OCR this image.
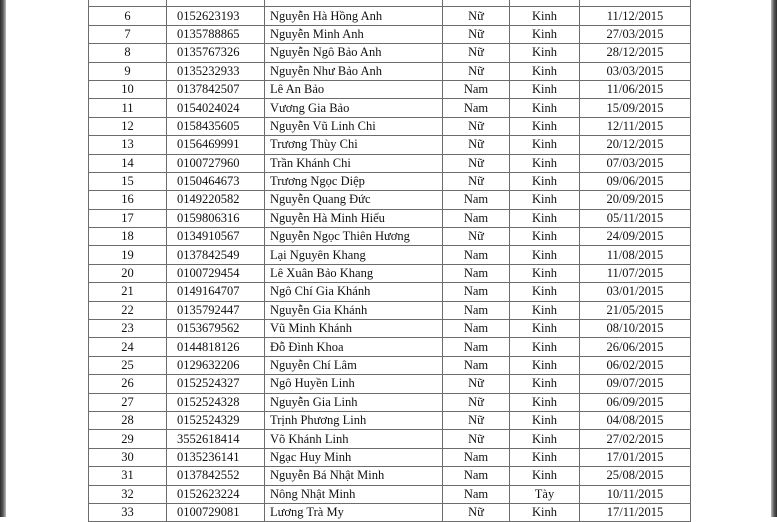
6	0152623193	Nguyễn Hà Hồng Anh	Nữ	Kinh	11/12/2015
7	0135788865	Nguyễn Minh Anh	Nữ	Kinh	27/03/2015
8	0135767326	Nguyễn Ngô Bảo Anh	Nữ	Kinh	28/12/2015
9	0135232933	Nguyễn Như Bảo Anh	Nữ	Kinh	03/03/2015
10	0137842507	Lê An Bảo	Nam	Kinh	11/06/2015
11	0154024024	Vương Gia Bảo	Nam	Kinh	15/09/2015
12	0158435605	Nguyễn Vũ Linh Chi	Nữ	Kinh	12/11/2015
13	0156469991	Trương Thùy Chi	Nữ	Kinh	20/12/2015
14	0100727960	Trần Khánh Chi	Nữ	Kinh	07/03/2015
15	0150464673	Trương Ngọc Diệp	Nữ	Kinh	09/06/2015
16	0149220582	Nguyễn Quang Đức	Nam	Kinh	20/09/2015
17	0159806316	Nguyễn Hà Minh Hiếu	Nam	Kinh	05/11/2015
18	0134910567	Nguyễn Ngọc Thiên Hương	Nữ	Kinh	24/09/2015
19	0137842549	Lại Nguyên Khang	Nam	Kinh	11/08/2015
20	0100729454	Lê Xuân Bảo Khang	Nam	Kinh	11/07/2015
21	0149164707	Ngô Chí Gia Khánh	Nam	Kinh	03/01/2015
22	0135792447	Nguyễn Gia Khánh	Nam	Kinh	21/05/2015
23	0153679562	Vũ Minh Khánh	Nam	Kinh	08/10/2015
24	0144818126	Đỗ Đình Khoa	Nam	Kinh	26/06/2015
25	0129632206	Nguyễn Chí Lâm	Nam	Kinh	06/02/2015
26	0152524327	Ngô Huyền Linh	Nữ	Kinh	09/07/2015
27	0152524328	Nguyễn Gia Linh	Nữ	Kinh	06/09/2015
28	0152524329	Trịnh Phương Linh	Nữ	Kinh	04/08/2015
29	3552618414	Võ Khánh Linh	Nữ	Kinh	27/02/2015
30	0135236141	Ngạc Huy Minh	Nam	Kinh	17/01/2015
31	0137842552	Nguyễn Bá Nhật Minh	Nam	Kinh	25/08/2015
32	0152623224	Nông Nhật Minh	Nam	Tày	10/11/2015
33	0100729081	Lương Trà My	Nữ	Kinh	17/11/2015
